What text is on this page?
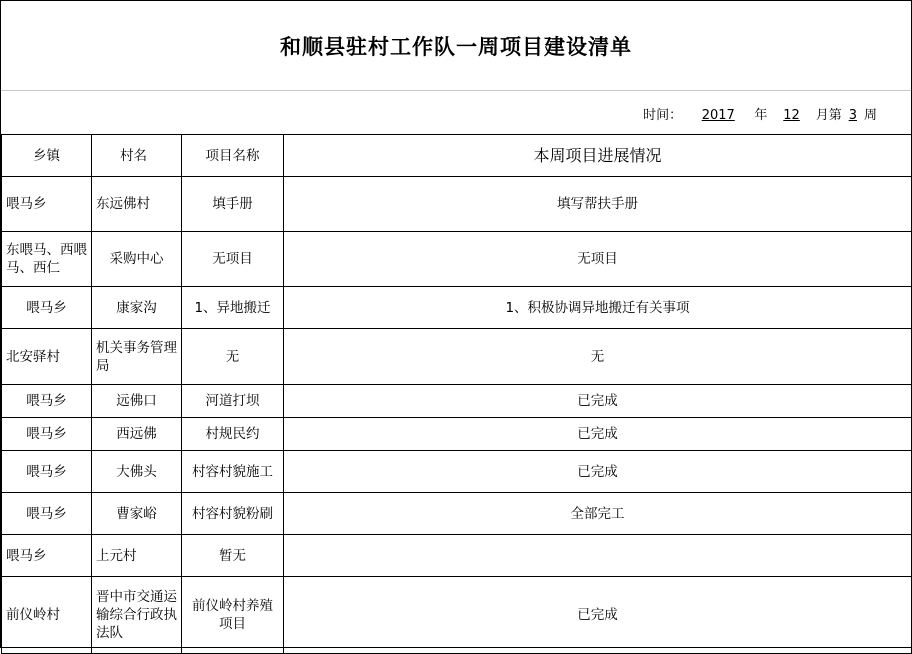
和顺县驻村工作队一周项目建设清单
时间： 2017 年 12 月第 3 周
乡镇	村名	项目名称	本周项目进展情况
喂马乡	东远佛村	填手册	填写帮扶手册
东喂马、西喂马、西仁	采购中心	无项目	无项目
喂马乡	康家沟	1、异地搬迁	1、积极协调异地搬迁有关事项
北安驿村	机关事务管理局	无	无
喂马乡	远佛口	河道打坝	已完成
喂马乡	西远佛	村规民约	已完成
喂马乡	大佛头	村容村貌施工	已完成
喂马乡	曹家峪	村容村貌粉刷	全部完工
喂马乡	上元村	暂无	
前仪岭村	晋中市交通运输综合行政执法队	前仪岭村养殖项目	已完成
